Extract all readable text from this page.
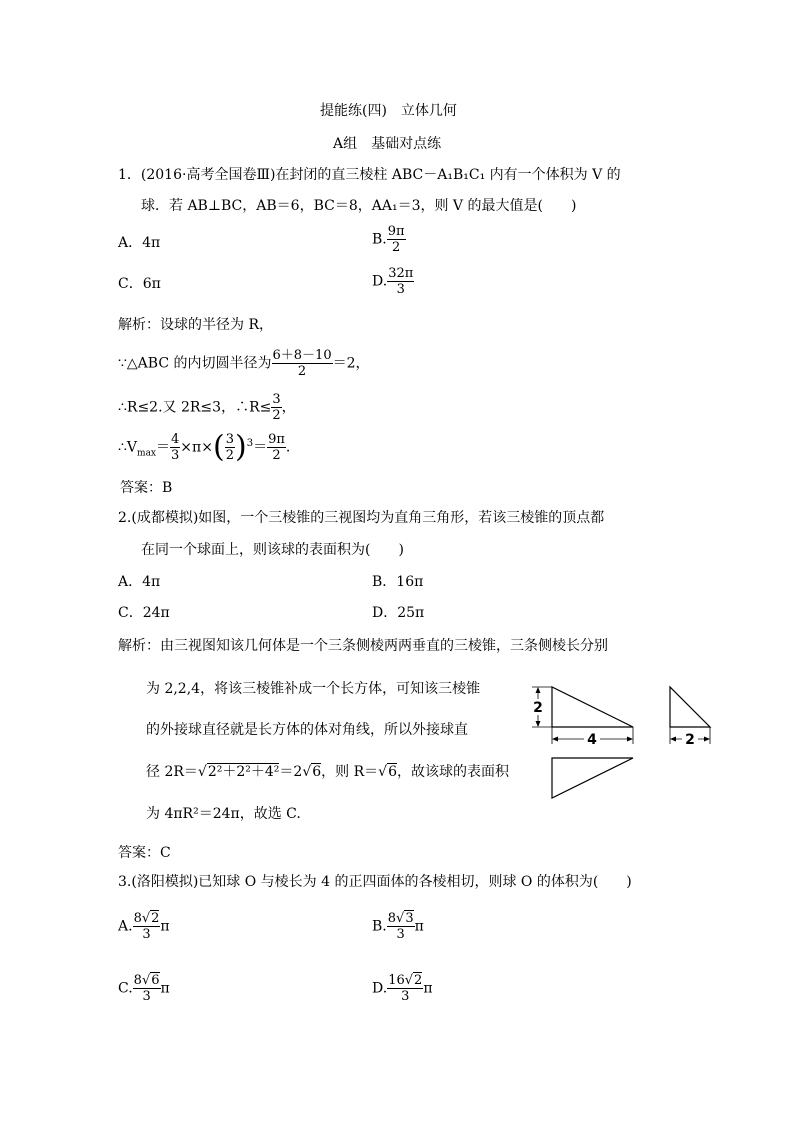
提能练(四)　立体几何
A组　基础对点练
1．(2016·高考全国卷Ⅲ)在封闭的直三棱柱 ABC－A₁B₁C₁ 内有一个体积为 V 的
球．若 AB⊥BC，AB＝6，BC＝8，AA₁＝3，则 V 的最大值是(　　)
A．4π	B. $\frac{9\pi}{2}$
C．6π	D. $\frac{32\pi}{3}$
解析：设球的半径为 R，
∵△ABC 的内切圆半径为 $\frac{6+8-10}{2} =2$，
∴R≤2.又 2R≤3，∴R≤ $\frac{3}{2}$ ，
$\therefore V_{max}= \frac{4}{3} \times\pi\times( \frac{3}{2} )^3= \frac{9\pi}{2}$ .
答案：B
2.(成都模拟)如图，一个三棱锥的三视图均为直角三角形，若该三棱锥的顶点都
在同一个球面上，则该球的表面积为(　　)
A．4π	B．16π
C．24π	D．25π
解析：由三视图知该几何体是一个三条侧棱两两垂直的三棱锥，三条侧棱长分别
为 2,2,4，将该三棱锥补成一个长方体，可知该三棱锥
的外接球直径就是长方体的体对角线，所以外接球直
径 2R＝√2²＋2²＋4²＝2√6，则 R＝√6，故该球的表面积
为 4πR²＝24π，故选 C.
答案：C
2
4	2
3.(洛阳模拟)已知球 O 与棱长为 4 的正四面体的各棱相切，则球 O 的体积为(　　)
A. $\frac{8√2}{3}$ π	B. $\frac{8√3}{3}$ π
C. $\frac{8√6}{3}$ π	D. $\frac{16√2}{3}$ π
